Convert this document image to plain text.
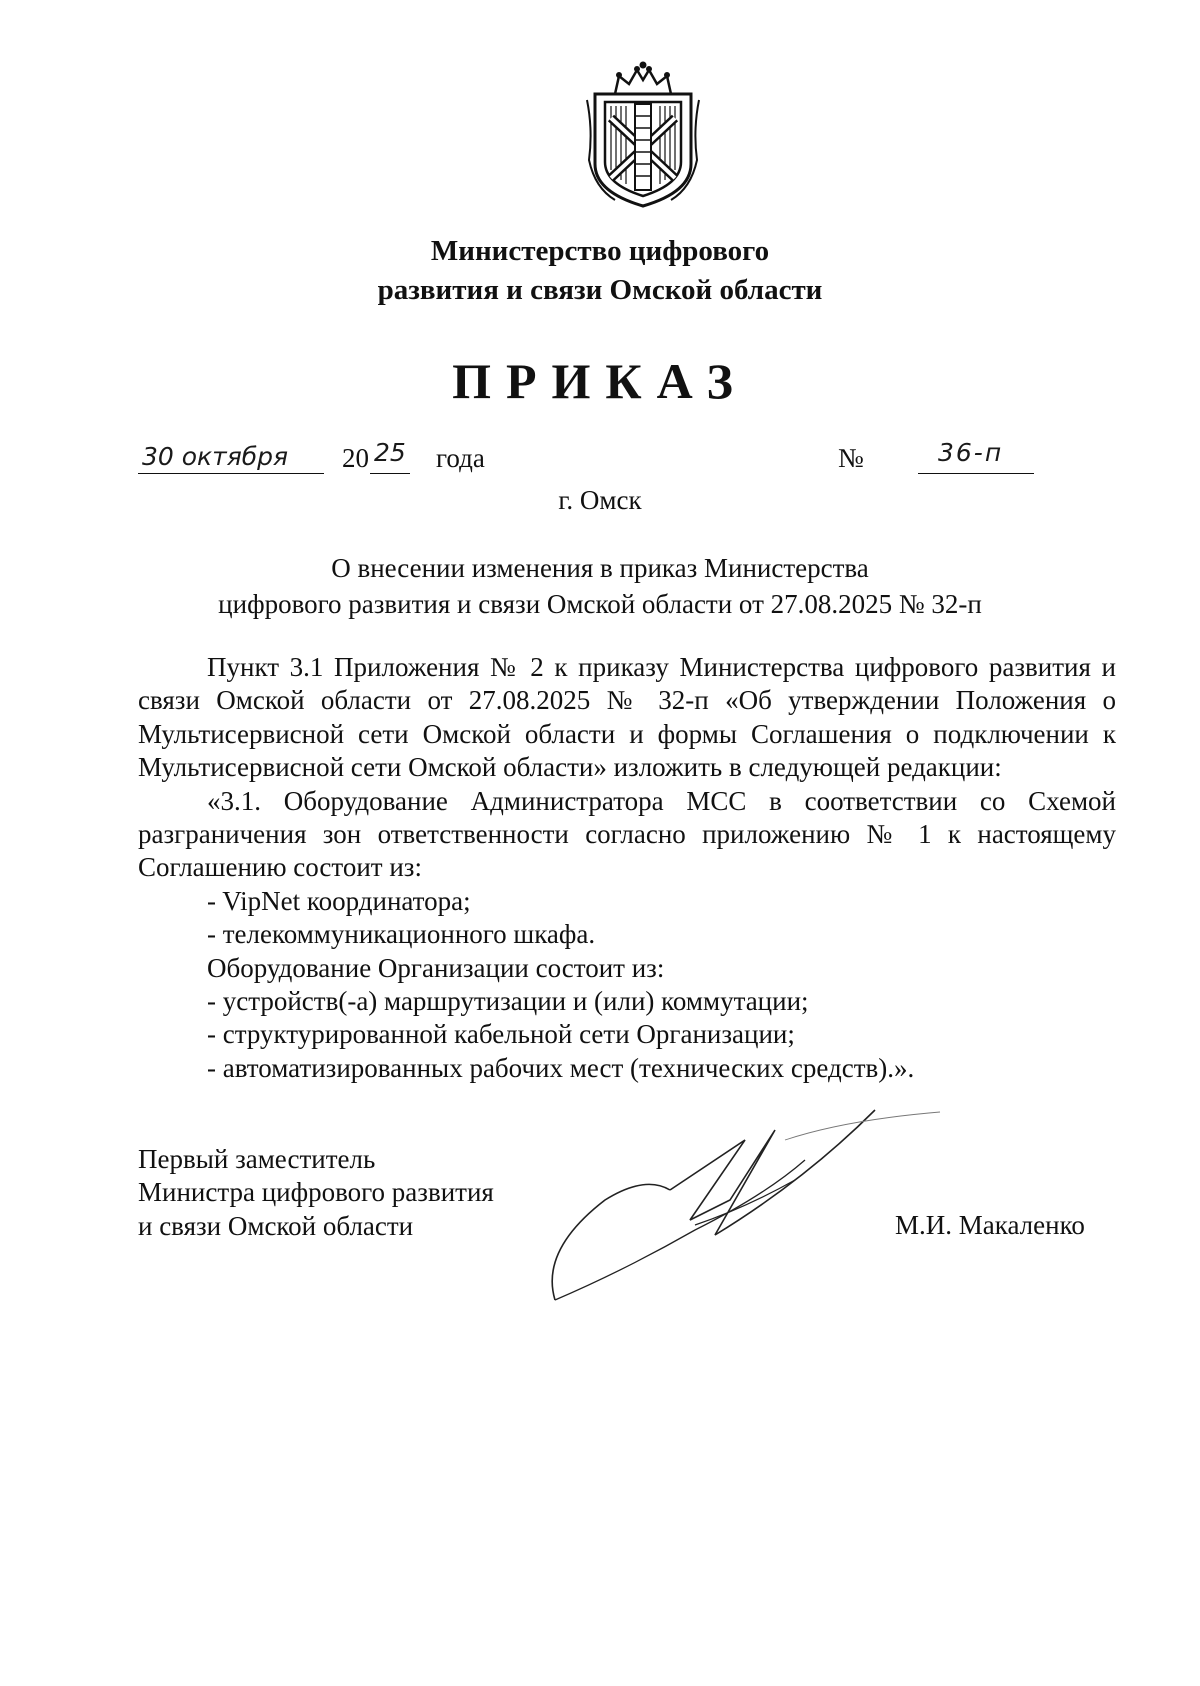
Министерство цифрового
развития и связи Омской области
ПРИКАЗ
30 октября 20 25 года	№	36-п
г. Омск
О внесении изменения в приказ Министерства
цифрового развития и связи Омской области от 27.08.2025 № 32-п

Пункт 3.1 Приложения № 2 к приказу Министерства цифрового развития и связи Омской области от 27.08.2025 № 32-п «Об утверждении Положения о Мультисервисной сети Омской области и формы Соглашения о подключении к Мультисервисной сети Омской области» изложить в следующей редакции:

«3.1. Оборудование Администратора МСС в соответствии со Схемой разграничения зон ответственности согласно приложению № 1 к настоящему Соглашению состоит из:

- VipNet координатора;

- телекоммуникационного шкафа.

Оборудование Организации состоит из:

- устройств(-а) маршрутизации и (или) коммутации;

- структурированной кабельной сети Организации;

- автоматизированных рабочих мест (технических средств).».

Первый заместитель
Министра цифрового развития
и связи Омской области	М.И. Макаленко
